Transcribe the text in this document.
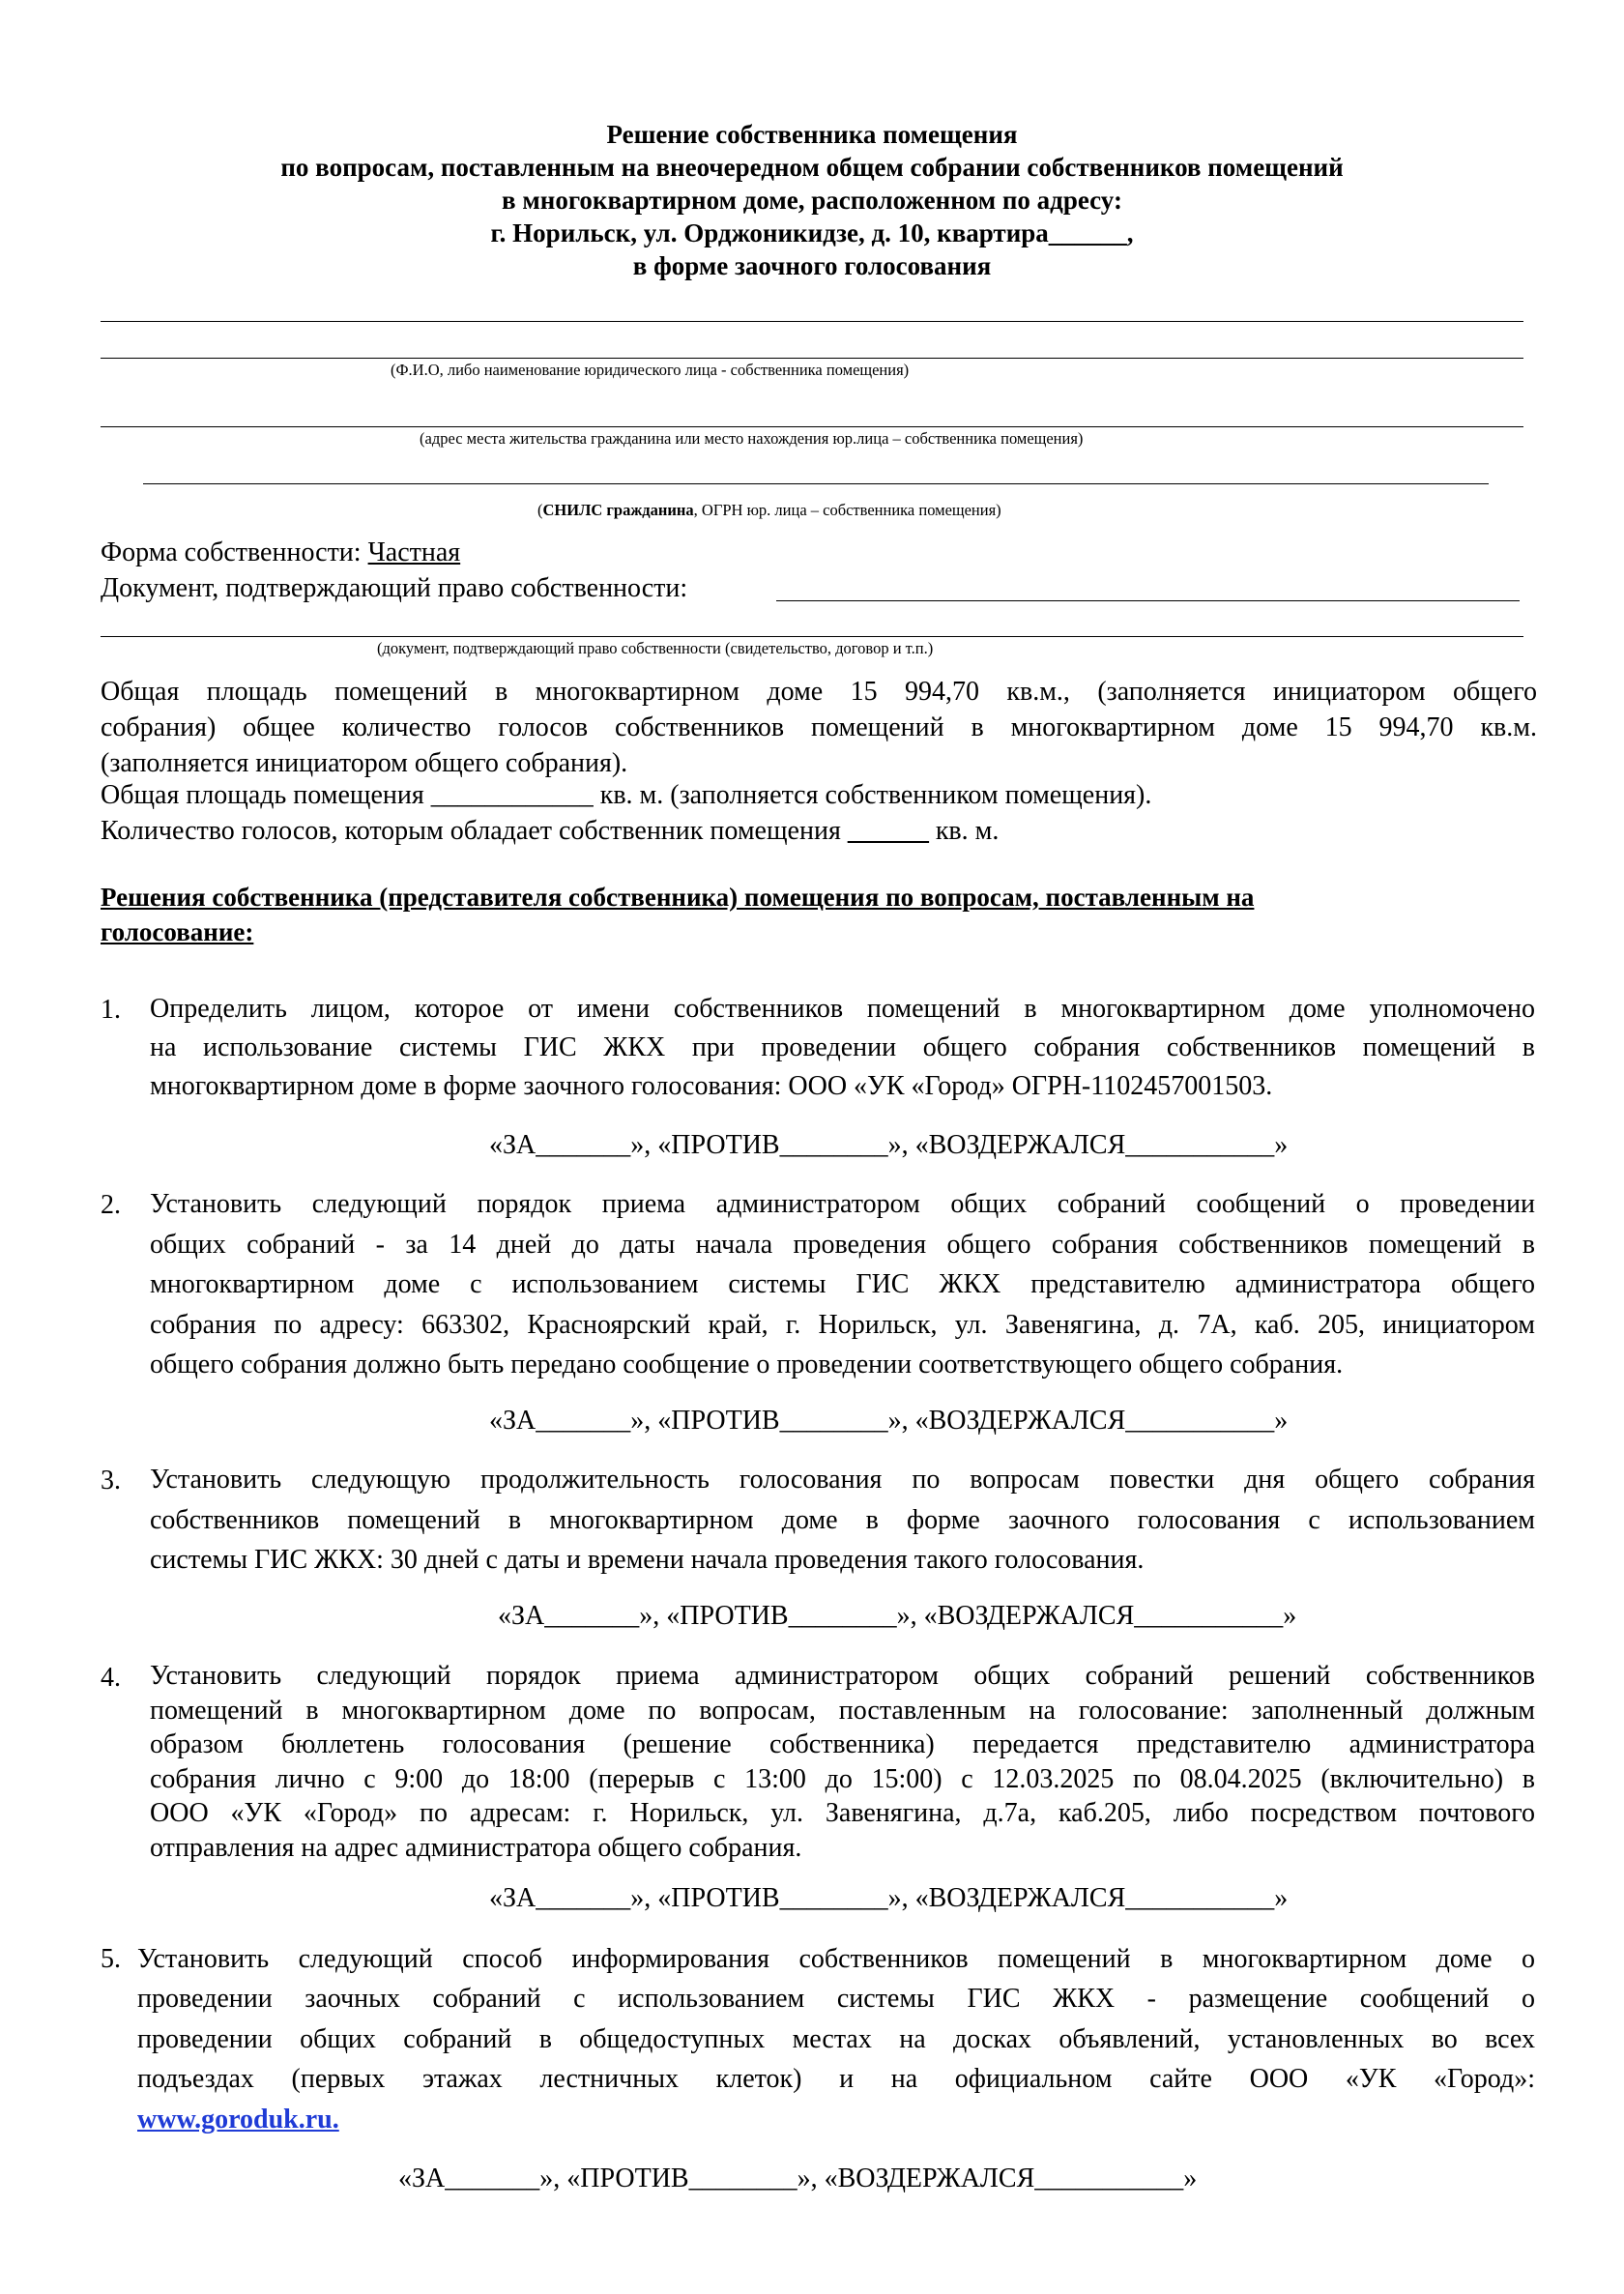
Решение собственника помещения
по вопросам, поставленным на внеочередном общем собрании собственников помещений
в многоквартирном доме, расположенном по адресу:
г. Норильск, ул. Орджоникидзе, д. 10, квартира______,
в форме заочного голосования
(Ф.И.О, либо наименование юридического лица - собственника помещения)
(адрес места жительства гражданина или место нахождения юр.лица – собственника помещения)
(СНИЛС гражданина, ОГРН юр. лица – собственника помещения)
Форма собственности: Частная
Документ, подтверждающий право собственности:
(документ, подтверждающий право собственности (свидетельство, договор и т.п.)
Общая площадь помещений в многоквартирном доме 15 994,70 кв.м., (заполняется инициатором общего
собрания) общее количество голосов собственников помещений в многоквартирном доме 15 994,70 кв.м.
(заполняется инициатором общего собрания).
Общая площадь помещения ____________ кв. м. (заполняется собственником помещения).
Количество голосов, которым обладает собственник помещения ______ кв. м.
Решения собственника (представителя собственника) помещения по вопросам, поставленным на
голосование:
1. Определить лицом, которое от имени собственников помещений в многоквартирном доме уполномочено
на использование системы ГИС ЖКХ при проведении общего собрания собственников помещений в
многоквартирном доме в форме заочного голосования: ООО «УК «Город» ОГРН-1102457001503.
«ЗА_______», «ПРОТИВ________», «ВОЗДЕРЖАЛСЯ___________»
2. Установить следующий порядок приема администратором общих собраний сообщений о проведении
общих собраний - за 14 дней до даты начала проведения общего собрания собственников помещений в
многоквартирном доме с использованием системы ГИС ЖКХ представителю администратора общего
собрания по адресу: 663302, Красноярский край, г. Норильск, ул. Завенягина, д. 7А, каб. 205, инициатором
общего собрания должно быть передано сообщение о проведении соответствующего общего собрания.
«ЗА_______», «ПРОТИВ________», «ВОЗДЕРЖАЛСЯ___________»
3. Установить следующую продолжительность голосования по вопросам повестки дня общего собрания
собственников помещений в многоквартирном доме в форме заочного голосования с использованием
системы ГИС ЖКХ: 30 дней с даты и времени начала проведения такого голосования.
«ЗА_______», «ПРОТИВ________», «ВОЗДЕРЖАЛСЯ___________»
4. Установить следующий порядок приема администратором общих собраний решений собственников
помещений в многоквартирном доме по вопросам, поставленным на голосование: заполненный должным
образом бюллетень голосования (решение собственника) передается представителю администратора
собрания лично с 9:00 до 18:00 (перерыв с 13:00 до 15:00) с 12.03.2025 по 08.04.2025 (включительно) в
ООО «УК «Город» по адресам: г. Норильск, ул. Завенягина, д.7а, каб.205, либо посредством почтового
отправления на адрес администратора общего собрания.
«ЗА_______», «ПРОТИВ________», «ВОЗДЕРЖАЛСЯ___________»
5. Установить следующий способ информирования собственников помещений в многоквартирном доме о
проведении заочных собраний с использованием системы ГИС ЖКХ - размещение сообщений о
проведении общих собраний в общедоступных местах на досках объявлений, установленных во всех
подъездах (первых этажах лестничных клеток) и на официальном сайте ООО «УК «Город»:
www.goroduk.ru.
«ЗА_______», «ПРОТИВ________», «ВОЗДЕРЖАЛСЯ___________»
